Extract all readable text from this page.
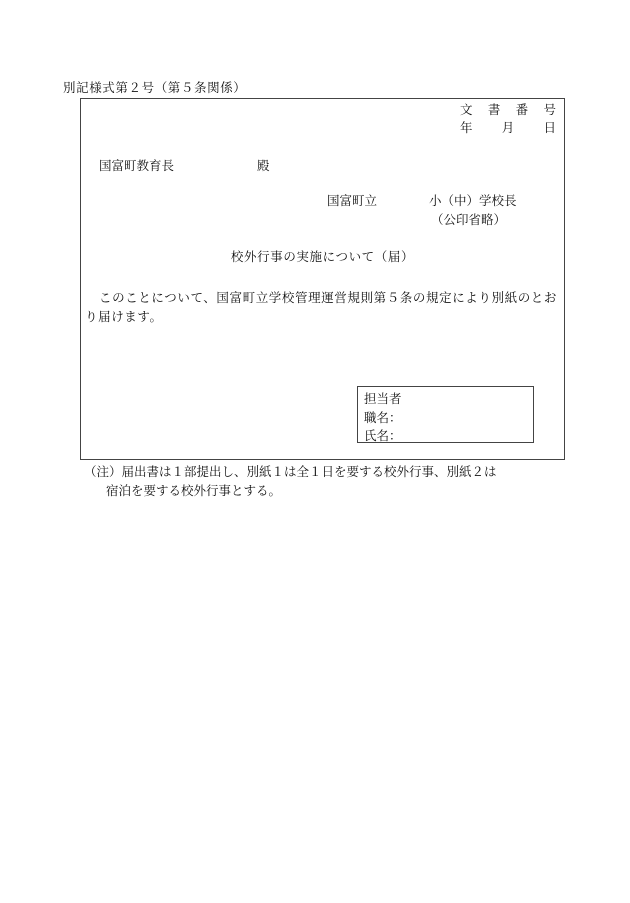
別記様式第２号（第５条関係）
文 書 番 号
年 月 日
国富町教育長	殿
国富町立	小（中）学校長
（公印省略）
校外行事の実施について（届）
このことについて、国富町立学校管理運営規則第５条の規定により別紙のとおり届けます。
担当者
職名：
氏名：
（注）届出書は１部提出し、別紙１は全１日を要する校外行事、別紙２は
宿泊を要する校外行事とする。
